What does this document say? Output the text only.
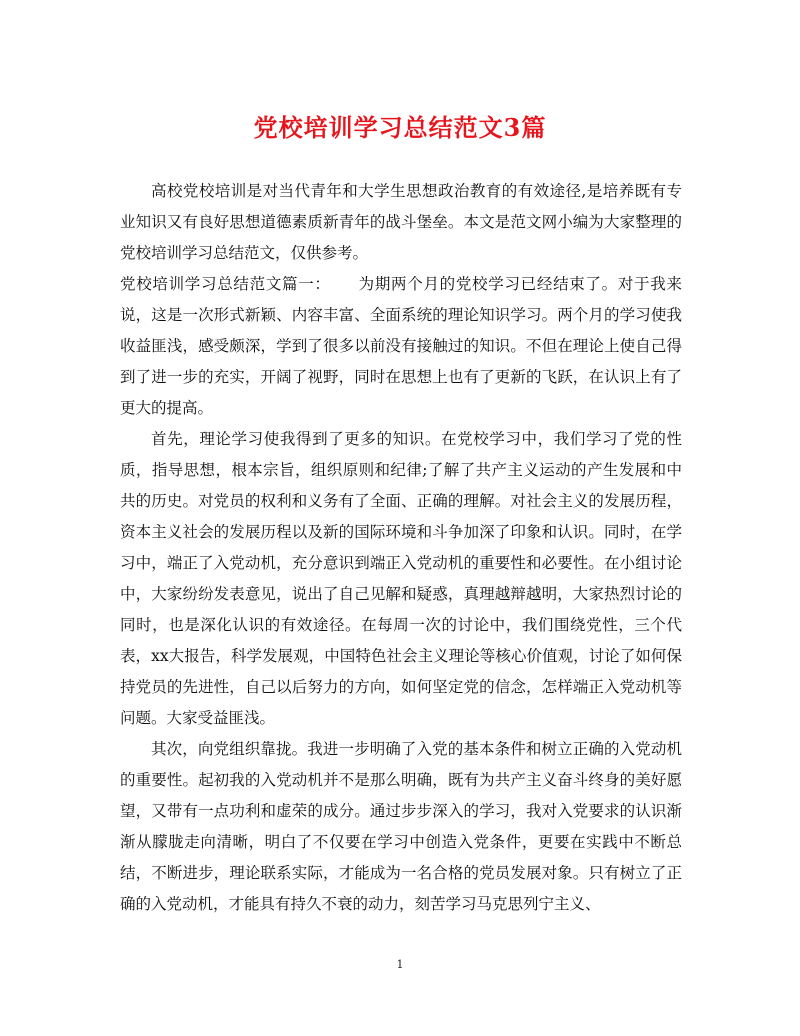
党校培训学习总结范文3篇

高校党校培训是对当代青年和大学生思想政治教育的有效途径,是培养既有专业知识又有良好思想道德素质新青年的战斗堡垒。本文是范文网小编为大家整理的党校培训学习总结范文，仅供参考。

党校培训学习总结范文篇一： 为期两个月的党校学习已经结束了。对于我来说，这是一次形式新颖、内容丰富、全面系统的理论知识学习。两个月的学习使我收益匪浅，感受颇深，学到了很多以前没有接触过的知识。不但在理论上使自己得到了进一步的充实，开阔了视野，同时在思想上也有了更新的飞跃，在认识上有了更大的提高。

首先，理论学习使我得到了更多的知识。在党校学习中，我们学习了党的性质，指导思想，根本宗旨，组织原则和纪律;了解了共产主义运动的产生发展和中共的历史。对党员的权利和义务有了全面、正确的理解。对社会主义的发展历程，资本主义社会的发展历程以及新的国际环境和斗争加深了印象和认识。同时，在学习中，端正了入党动机，充分意识到端正入党动机的重要性和必要性。在小组讨论中，大家纷纷发表意见，说出了自己见解和疑惑，真理越辩越明，大家热烈讨论的同时，也是深化认识的有效途径。在每周一次的讨论中，我们围绕党性，三个代表，xx大报告，科学发展观，中国特色社会主义理论等核心价值观，讨论了如何保持党员的先进性，自己以后努力的方向，如何坚定党的信念，怎样端正入党动机等问题。大家受益匪浅。

其次，向党组织靠拢。我进一步明确了入党的基本条件和树立正确的入党动机的重要性。起初我的入党动机并不是那么明确，既有为共产主义奋斗终身的美好愿望，又带有一点功利和虚荣的成分。通过步步深入的学习，我对入党要求的认识渐渐从朦胧走向清晰，明白了不仅要在学习中创造入党条件，更要在实践中不断总结，不断进步，理论联系实际，才能成为一名合格的党员发展对象。只有树立了正确的入党动机，才能具有持久不衰的动力，刻苦学习马克思列宁主义、

1
